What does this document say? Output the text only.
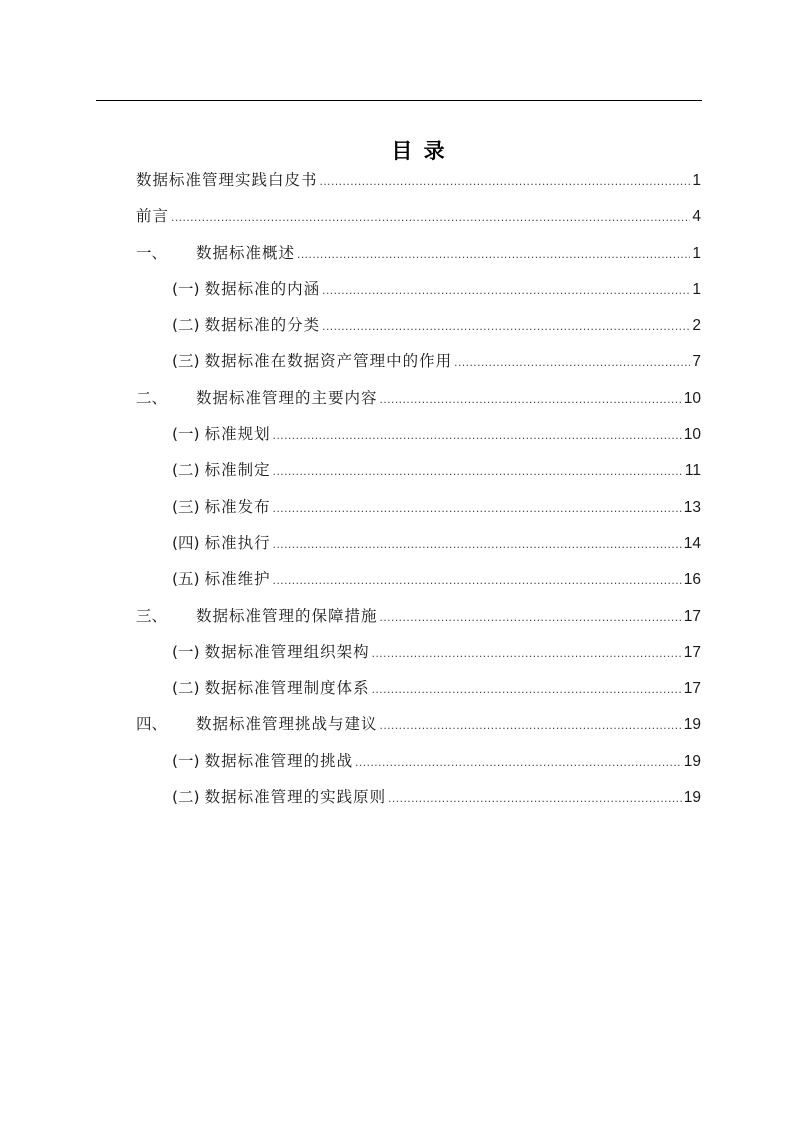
目 录
数据标准管理实践白皮书 .....	1
前言 .....	4
一、	数据标准概述 .....	1
(一) 数据标准的内涵 .....	1
(二) 数据标准的分类 .....	2
(三) 数据标准在数据资产管理中的作用 .....	7
二、	数据标准管理的主要内容 .....	10
(一) 标准规划 .....	10
(二) 标准制定 .....	11
(三) 标准发布 .....	13
(四) 标准执行 .....	14
(五) 标准维护 .....	16
三、	数据标准管理的保障措施 .....	17
(一) 数据标准管理组织架构 .....	17
(二) 数据标准管理制度体系 .....	17
四、	数据标准管理挑战与建议 .....	19
(一) 数据标准管理的挑战 .....	19
(二) 数据标准管理的实践原则 .....	19
